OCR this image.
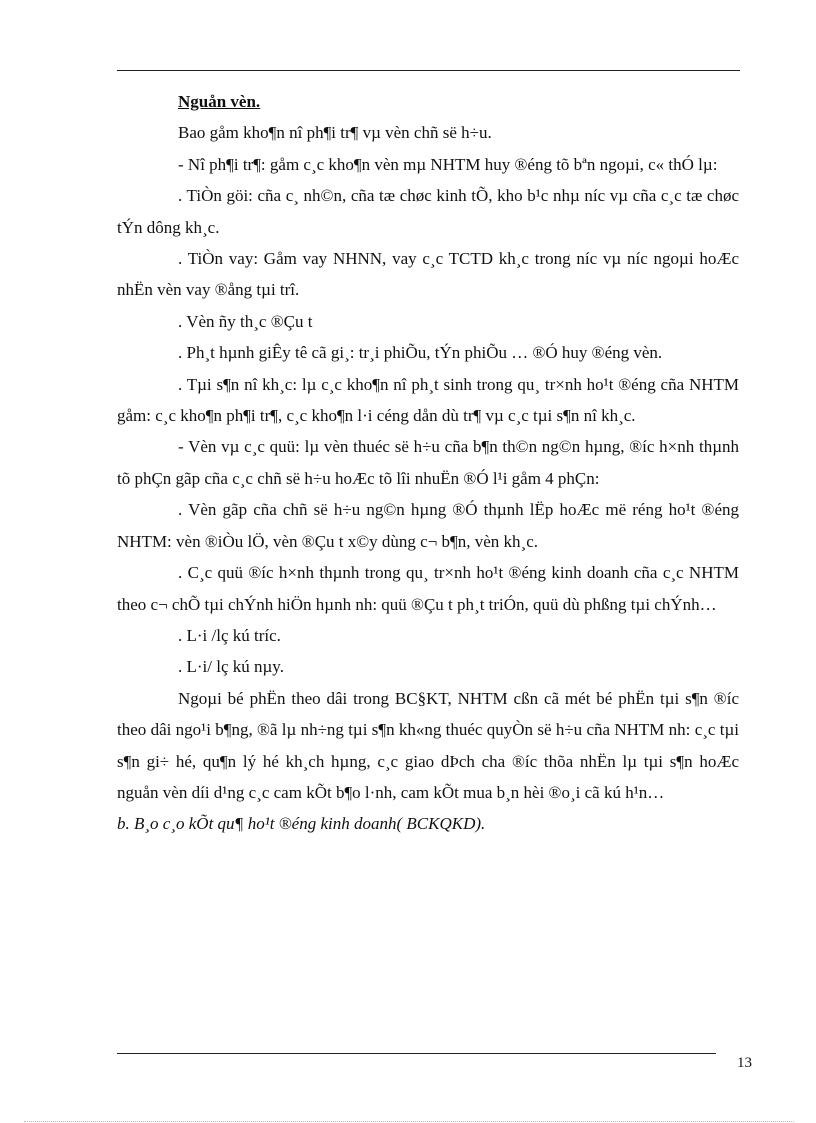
Nguån vèn.

Bao gåm kho¶n nî ph¶i tr¶ vµ vèn chñ së h÷u.

- Nî ph¶i tr¶: gåm c¸c kho¶n vèn mµ NHTM huy ®éng tõ bªn ngoµi, c« thÓ lµ:

. TiÒn göi: cña c¸ nh©n, cña tæ chøc kinh tÕ, kho b¹c nhµ níc vµ cña c¸c tæ chøc tÝn dông kh¸c.

. TiÒn vay: Gåm vay NHNN, vay c¸c TCTD kh¸c trong níc vµ níc ngoµi hoÆc nhËn vèn vay ®ång tµi trî.

. Vèn ñy th¸c ®Çu t

. Ph¸t hµnh giÊy tê cã gi¸: tr¸i phiÕu, tÝn phiÕu … ®Ó huy ®éng vèn.

. Tµi s¶n nî kh¸c: lµ c¸c kho¶n nî ph¸t sinh trong qu¸ tr×nh ho¹t ®éng cña NHTM gåm: c¸c kho¶n ph¶i tr¶, c¸c kho¶n l·i céng dån dù tr¶ vµ c¸c tµi s¶n nî kh¸c.

- Vèn vµ c¸c quü: lµ vèn thuéc së h÷u cña b¶n th©n ng©n hµng, ®íc h×nh thµnh tõ phÇn gãp cña c¸c chñ së h÷u hoÆc tõ lîi nhuËn ®Ó l¹i gåm 4 phÇn:

. Vèn gãp cña chñ së h÷u ng©n hµng ®Ó thµnh lËp hoÆc më réng ho¹t ®éng NHTM: vèn ®iÒu lÖ, vèn ®Çu t x©y dùng c¬ b¶n, vèn kh¸c.

. C¸c quü ®íc h×nh thµnh trong qu¸ tr×nh ho¹t ®éng kinh doanh cña c¸c NHTM theo c¬ chÕ tµi chÝnh hiÖn hµnh nh: quü ®Çu t ph¸t triÓn, quü dù phßng tµi chÝnh…

. L·i /lç kú tríc.

. L·i/ lç kú nµy.

Ngoµi bé phËn theo dâi trong BC§KT, NHTM cßn cã mét bé phËn tµi s¶n ®íc theo dâi ngo¹i b¶ng, ®ã lµ nh÷ng tµi s¶n kh«ng thuéc quyÒn së h÷u cña NHTM nh: c¸c tµi s¶n gi÷ hé, qu¶n lý hé kh¸ch hµng, c¸c giao dÞch cha ®íc thõa nhËn lµ tµi s¶n hoÆc nguån vèn díi d¹ng c¸c cam kÕt b¶o l·nh, cam kÕt mua b¸n hèi ®o¸i cã kú h¹n…

b. B¸o c¸o kÕt qu¶ ho¹t ®éng kinh doanh( BCKQKD).

13
